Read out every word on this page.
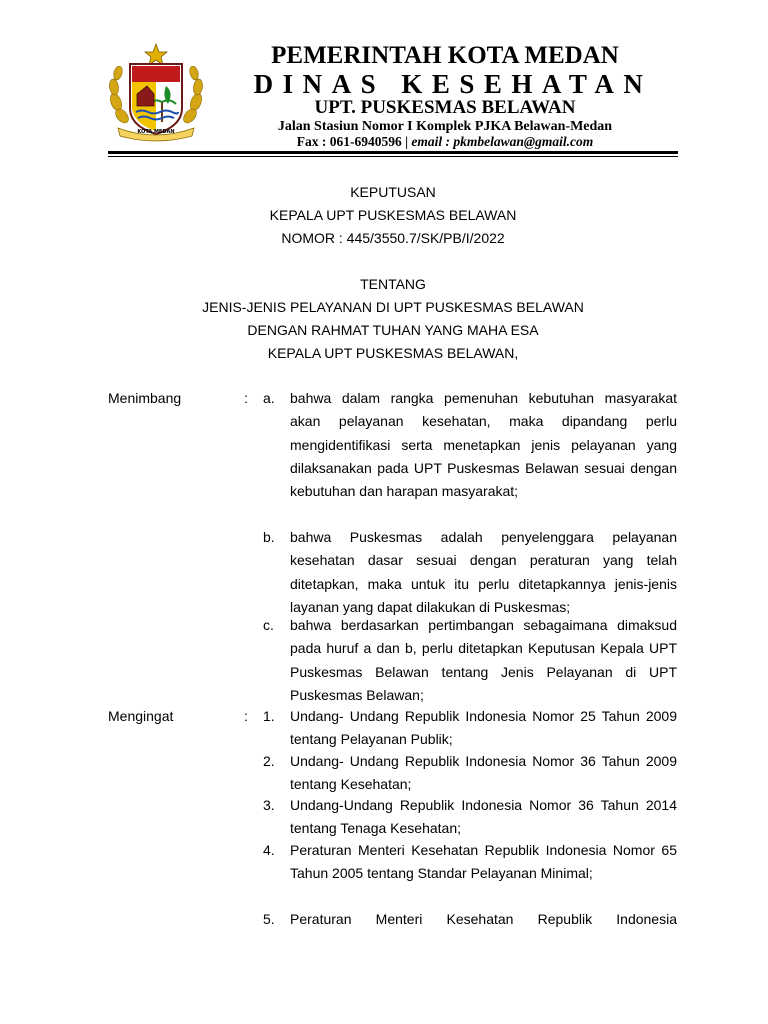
KOTA MEDAN
PEMERINTAH KOTA MEDAN
DINAS KESEHATAN
UPT. PUSKESMAS BELAWAN
Jalan Stasiun Nomor I Komplek PJKA Belawan-Medan
Fax : 061-6940596 | email : pkmbelawan@gmail.com
KEPUTUSAN
KEPALA UPT PUSKESMAS BELAWAN
NOMOR : 445/3550.7/SK/PB/I/2022
TENTANG
JENIS-JENIS PELAYANAN DI UPT PUSKESMAS BELAWAN
DENGAN RAHMAT TUHAN YANG MAHA ESA
KEPALA UPT PUSKESMAS BELAWAN,
Menimbang	: a. bahwa dalam rangka pemenuhan kebutuhan masyarakat akan pelayanan kesehatan, maka dipandang perlu mengidentifikasi serta menetapkan jenis pelayanan yang dilaksanakan pada UPT Puskesmas Belawan sesuai dengan kebutuhan dan harapan masyarakat;
b. bahwa Puskesmas adalah penyelenggara pelayanan kesehatan dasar sesuai dengan peraturan yang telah ditetapkan, maka untuk itu perlu ditetapkannya jenis-jenis layanan yang dapat dilakukan di Puskesmas;
c. bahwa berdasarkan pertimbangan sebagaimana dimaksud pada huruf a dan b, perlu ditetapkan Keputusan Kepala UPT Puskesmas Belawan tentang Jenis Pelayanan di UPT Puskesmas Belawan;
Mengingat	: 1. Undang- Undang Republik Indonesia Nomor 25 Tahun 2009 tentang Pelayanan Publik;
2. Undang- Undang Republik Indonesia Nomor 36 Tahun 2009 tentang Kesehatan;
3. Undang-Undang Republik Indonesia Nomor 36 Tahun 2014 tentang Tenaga Kesehatan;
4. Peraturan Menteri Kesehatan Republik Indonesia Nomor 65 Tahun 2005 tentang Standar Pelayanan Minimal;
5. Peraturan Menteri Kesehatan Republik Indonesia
